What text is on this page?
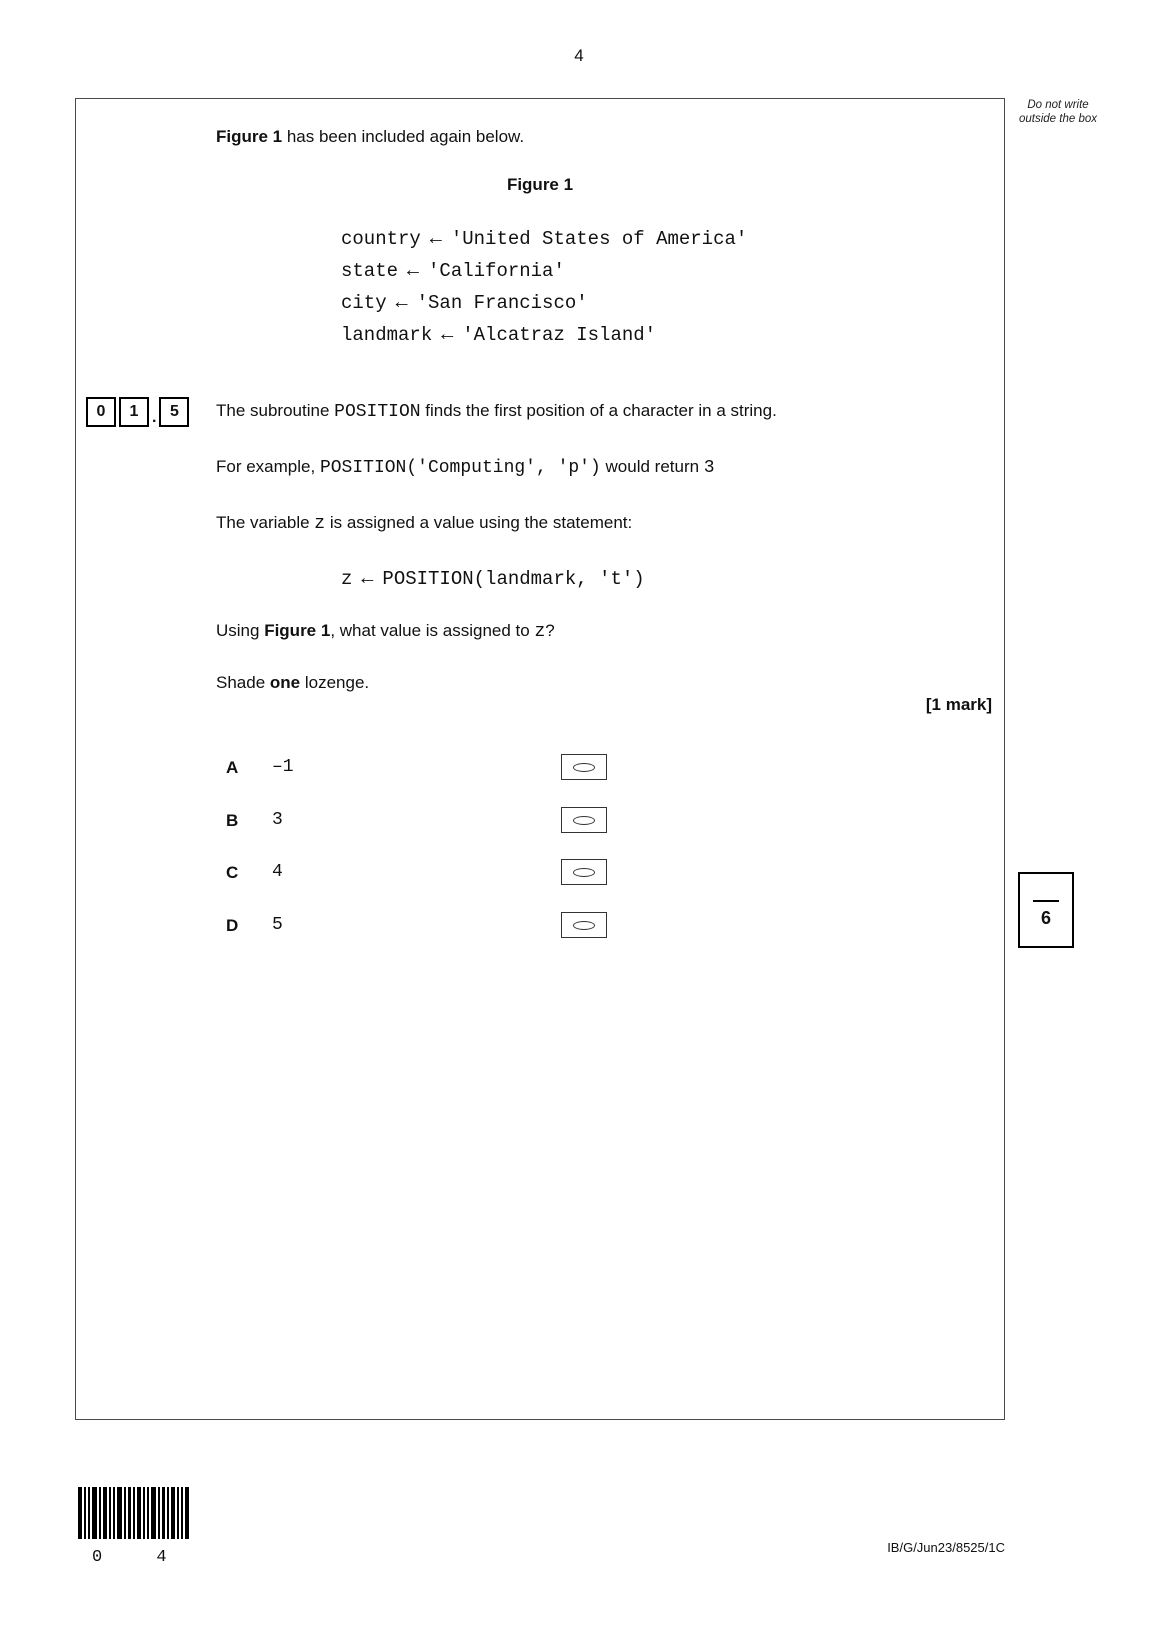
4
Do not write outside the box
Figure 1 has been included again below.
Figure 1
country ← 'United States of America'
state ← 'California'
city ← 'San Francisco'
landmark ← 'Alcatraz Island'
0 1 . 5	The subroutine POSITION finds the first position of a character in a string.
For example, POSITION('Computing', 'p') would return 3
The variable z is assigned a value using the statement:
z ← POSITION(landmark, 't')
Using Figure 1, what value is assigned to z?
Shade one lozenge.
[1 mark]
A –1
B 3
C 4
D 5	6
0 4
IB/G/Jun23/8525/1C
